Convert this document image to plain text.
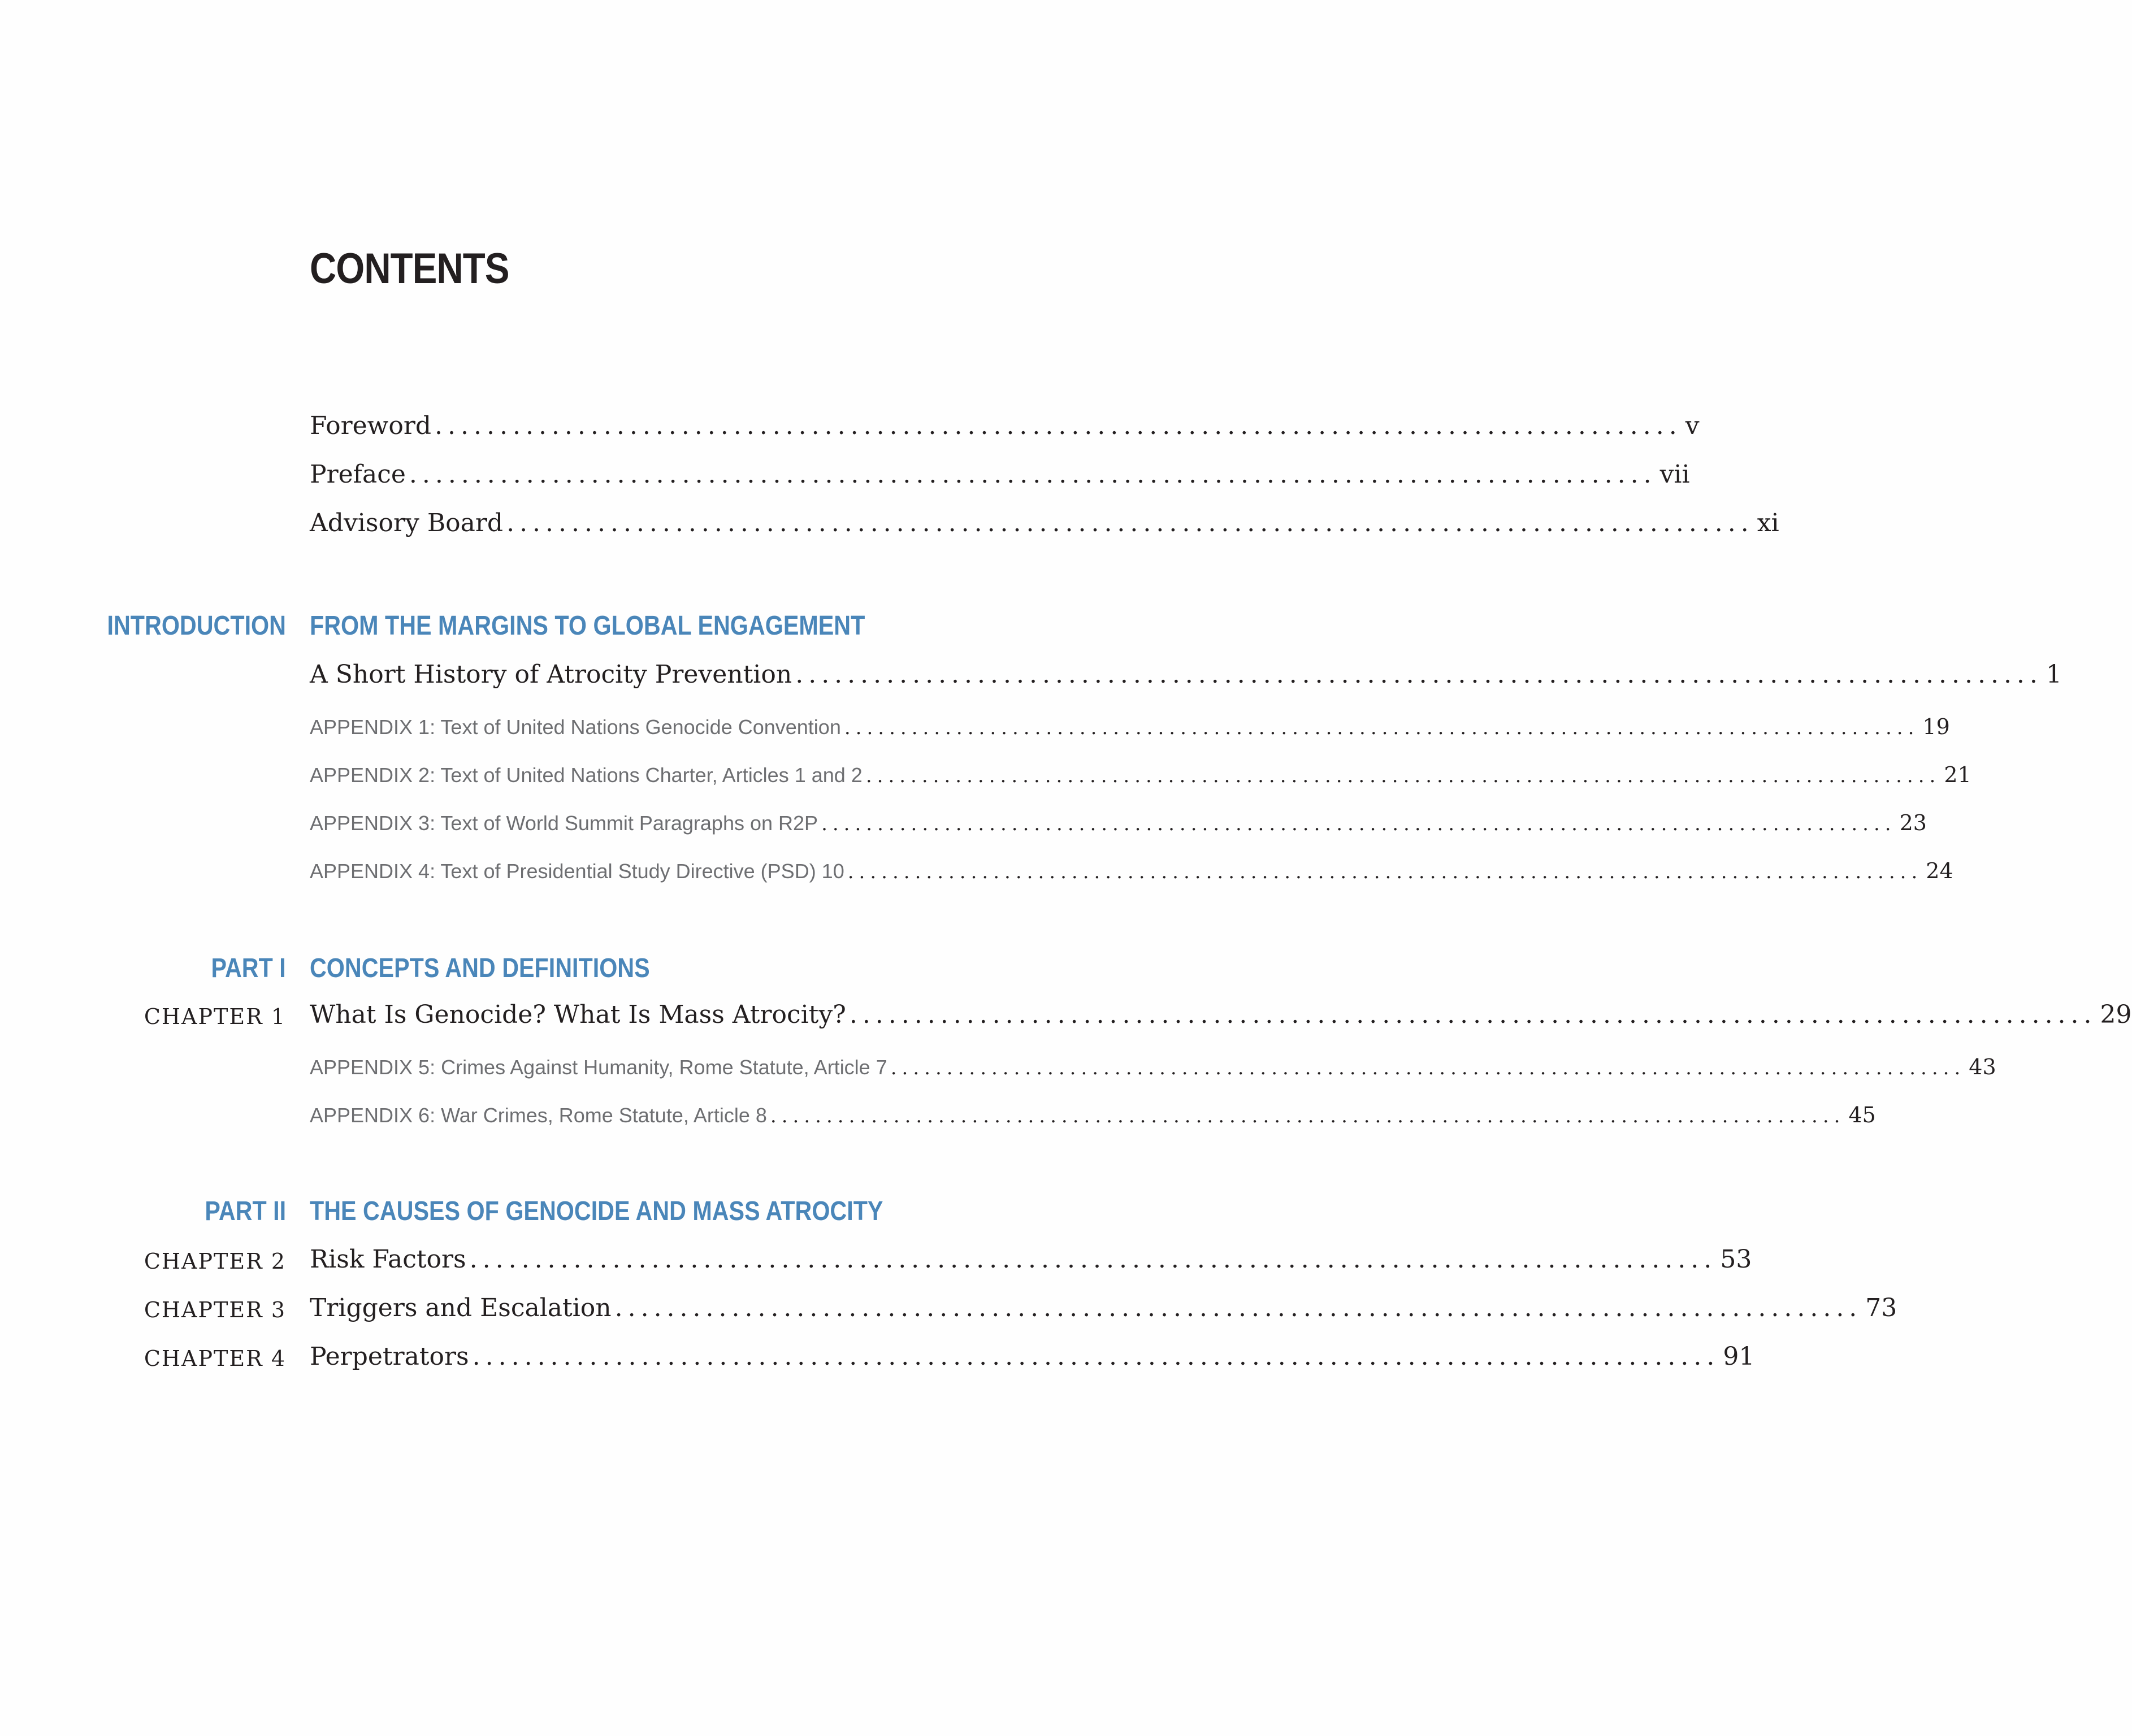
CONTENTS
Foreword ................................................................................................ v
Preface ................................................................................................ vii
Advisory Board ................................................................................................ xi
INTRODUCTION FROM THE MARGINS TO GLOBAL ENGAGEMENT
A Short History of Atrocity Prevention ................................................................................................ 1
APPENDIX 1: Text of United Nations Genocide Convention ................................................................................................ 19
APPENDIX 2: Text of United Nations Charter, Articles 1 and 2 ................................................................................................ 21
APPENDIX 3: Text of World Summit Paragraphs on R2P ................................................................................................ 23
APPENDIX 4: Text of Presidential Study Directive (PSD) 10 ................................................................................................ 24
PART I CONCEPTS AND DEFINITIONS
CHAPTER 1 What Is Genocide? What Is Mass Atrocity? ................................................................................................ 29
APPENDIX 5: Crimes Against Humanity, Rome Statute, Article 7 ................................................................................................ 43
APPENDIX 6: War Crimes, Rome Statute, Article 8 ................................................................................................ 45
PART II THE CAUSES OF GENOCIDE AND MASS ATROCITY
CHAPTER 2 Risk Factors ................................................................................................ 53
CHAPTER 3 Triggers and Escalation ................................................................................................ 73
CHAPTER 4 Perpetrators ................................................................................................ 91
